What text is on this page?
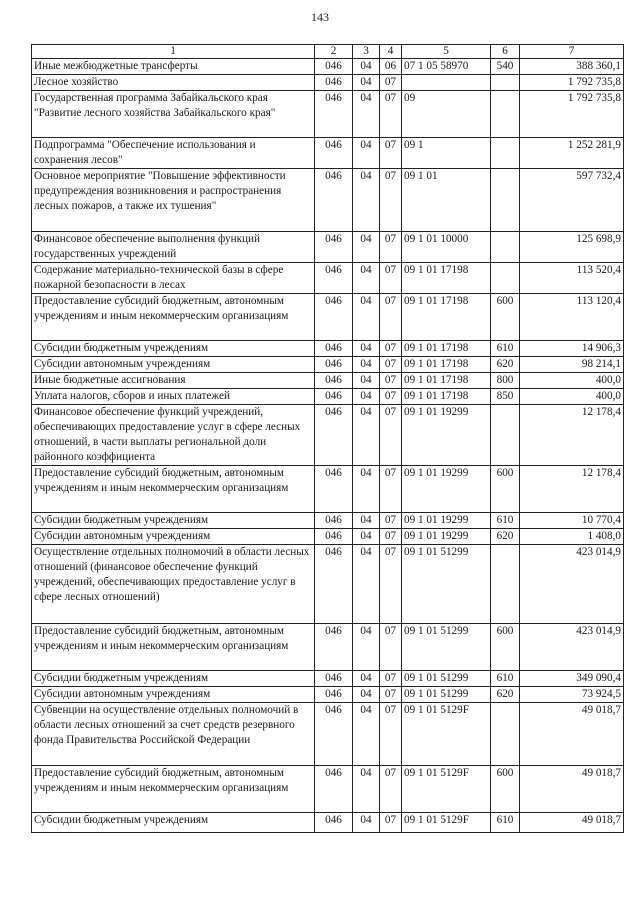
143
1	2	3	4	5	6	7
Иные межбюджетные трансферты	046	04	06	07 1 05 58970	540	388 360,1
Лесное хозяйство	046	04	07			1 792 735,8
Государственная программа Забайкальского края "Развитие лесного хозяйства Забайкальского края"	046	04	07	09		1 792 735,8
Подпрограмма "Обеспечение использования и сохранения лесов"	046	04	07	09 1		1 252 281,9
Основное мероприятие "Повышение эффективности предупреждения возникновения и распространения лесных пожаров, а также их тушения"	046	04	07	09 1 01		597 732,4
Финансовое обеспечение выполнения функций государственных учреждений	046	04	07	09 1 01 10000		125 698,9
Содержание материально-технической базы в сфере пожарной безопасности в лесах	046	04	07	09 1 01 17198		113 520,4
Предоставление субсидий бюджетным, автономным учреждениям и иным некоммерческим организациям	046	04	07	09 1 01 17198	600	113 120,4
Субсидии бюджетным учреждениям	046	04	07	09 1 01 17198	610	14 906,3
Субсидии автономным учреждениям	046	04	07	09 1 01 17198	620	98 214,1
Иные бюджетные ассигнования	046	04	07	09 1 01 17198	800	400,0
Уплата налогов, сборов и иных платежей	046	04	07	09 1 01 17198	850	400,0
Финансовое обеспечение функций учреждений, обеспечивающих предоставление услуг в сфере лесных отношений, в части выплаты региональной доли районного коэффициента	046	04	07	09 1 01 19299		12 178,4
Предоставление субсидий бюджетным, автономным учреждениям и иным некоммерческим организациям	046	04	07	09 1 01 19299	600	12 178,4
Субсидии бюджетным учреждениям	046	04	07	09 1 01 19299	610	10 770,4
Субсидии автономным учреждениям	046	04	07	09 1 01 19299	620	1 408,0
Осуществление отдельных полномочий в области лесных отношений (финансовое обеспечение функций учреждений, обеспечивающих предоставление услуг в сфере лесных отношений)	046	04	07	09 1 01 51299		423 014,9
Предоставление субсидий бюджетным, автономным учреждениям и иным некоммерческим организациям	046	04	07	09 1 01 51299	600	423 014,9
Субсидии бюджетным учреждениям	046	04	07	09 1 01 51299	610	349 090,4
Субсидии автономным учреждениям	046	04	07	09 1 01 51299	620	73 924,5
Субвенции на осуществление отдельных полномочий в области лесных отношений за счет средств резервного фонда Правительства Российской Федерации	046	04	07	09 1 01 5129F		49 018,7
Предоставление субсидий бюджетным, автономным учреждениям и иным некоммерческим организациям	046	04	07	09 1 01 5129F	600	49 018,7
Субсидии бюджетным учреждениям	046	04	07	09 1 01 5129F	610	49 018,7
